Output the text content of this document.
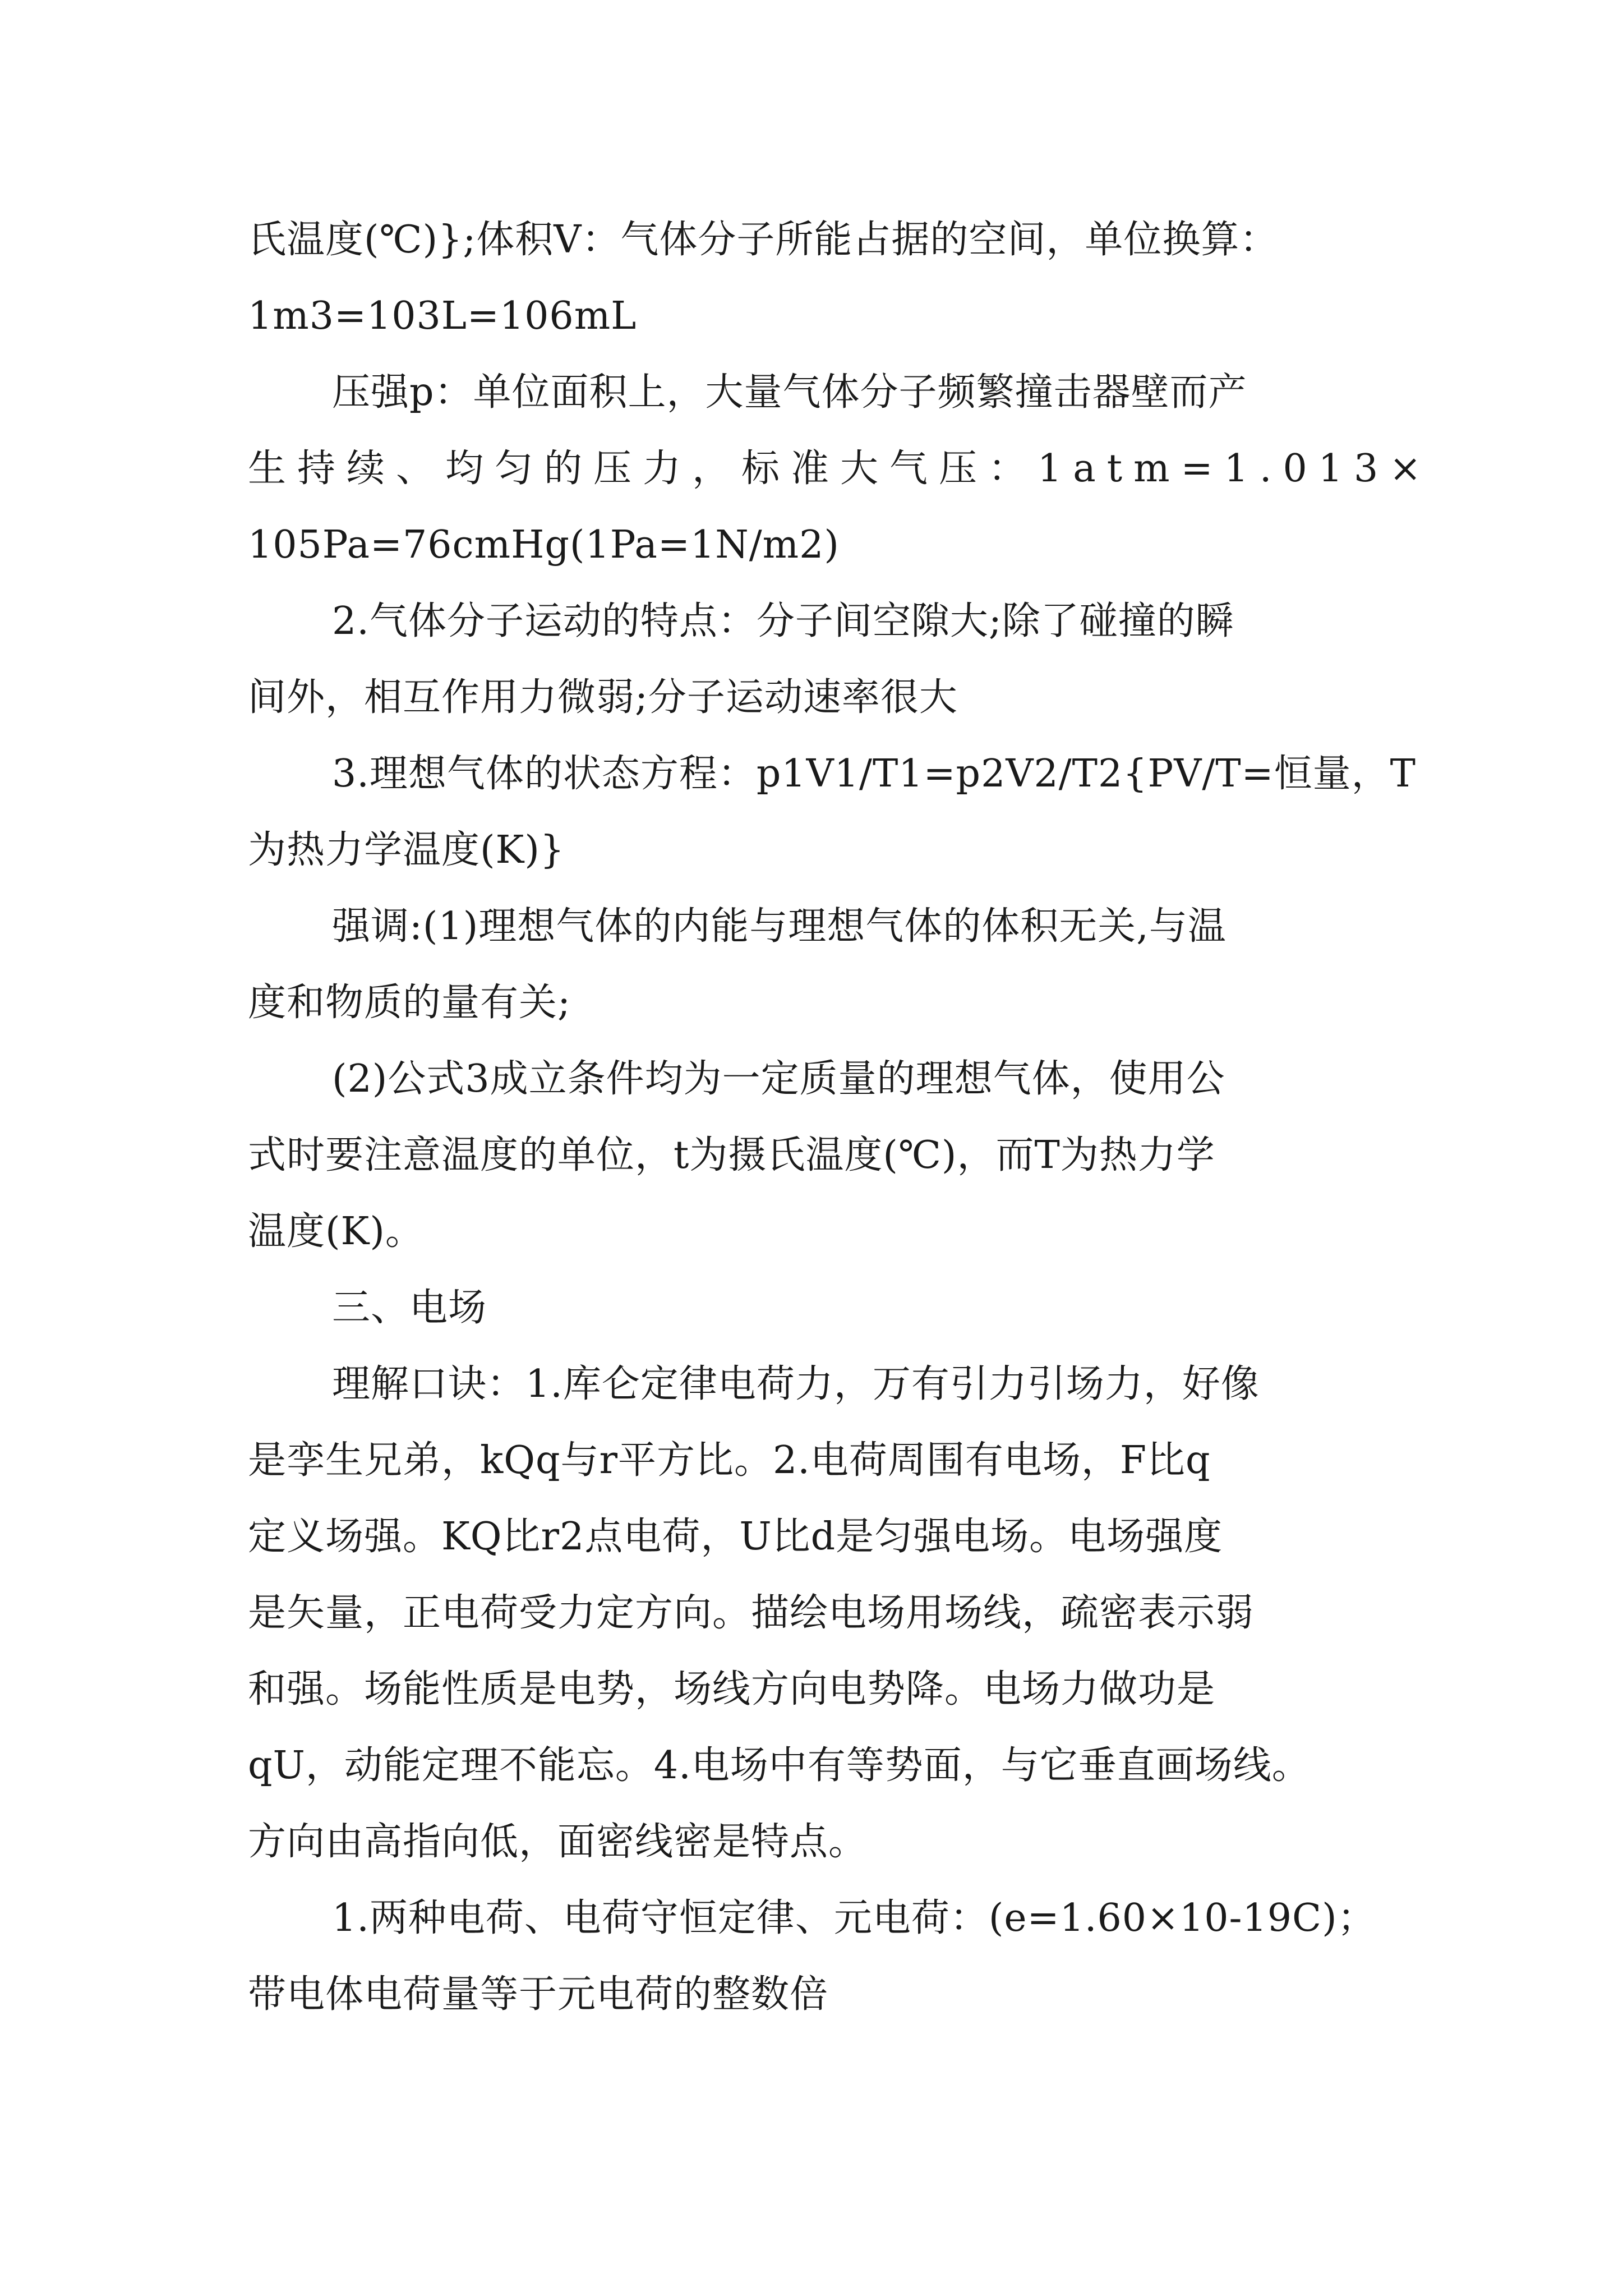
氏温度(℃)};体积V：气体分子所能占据的空间，单位换算：
1m3=103L=106mL
压强p：单位面积上，大量气体分子频繁撞击器壁而产
生持续、均匀的压力，标准大气压：1atm=1.013×
105Pa=76cmHg(1Pa=1N/m2)
2.气体分子运动的特点：分子间空隙大;除了碰撞的瞬
间外，相互作用力微弱;分子运动速率很大
3.理想气体的状态方程：p1V1/T1=p2V2/T2{PV/T=恒量，T
为热力学温度(K)}
强调:(1)理想气体的内能与理想气体的体积无关,与温
度和物质的量有关;
(2)公式3成立条件均为一定质量的理想气体，使用公
式时要注意温度的单位，t为摄氏温度(℃)，而T为热力学
温度(K)。
三、电场
理解口诀：1.库仑定律电荷力，万有引力引场力，好像
是孪生兄弟，kQq与r平方比。2.电荷周围有电场，F比q
定义场强。KQ比r2点电荷，U比d是匀强电场。电场强度
是矢量，正电荷受力定方向。描绘电场用场线，疏密表示弱
和强。场能性质是电势，场线方向电势降。电场力做功是
qU，动能定理不能忘。4.电场中有等势面，与它垂直画场线。
方向由高指向低，面密线密是特点。
1.两种电荷、电荷守恒定律、元电荷：(e=1.60×10-19C)；
带电体电荷量等于元电荷的整数倍
